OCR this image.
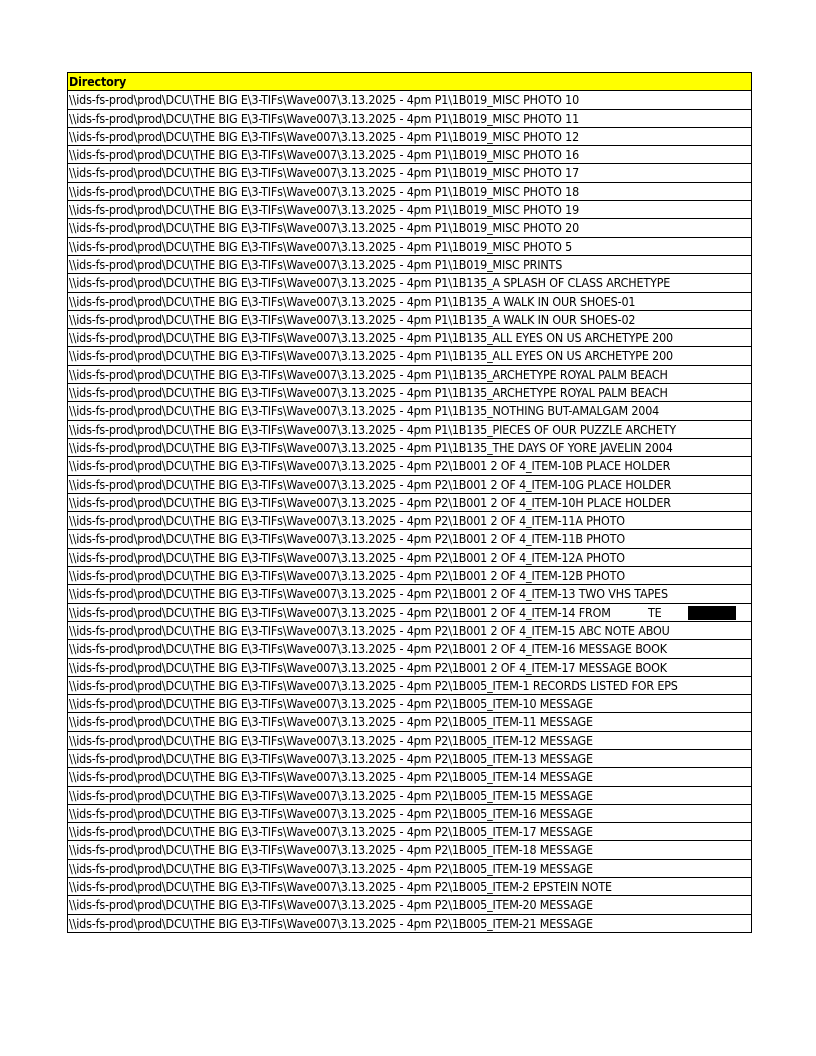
Directory
\\ids-fs-prod\prod\DCU\THE BIG E\3-TIFs\Wave007\3.13.2025 - 4pm P1\1B019_MISC PHOTO 10
\\ids-fs-prod\prod\DCU\THE BIG E\3-TIFs\Wave007\3.13.2025 - 4pm P1\1B019_MISC PHOTO 11
\\ids-fs-prod\prod\DCU\THE BIG E\3-TIFs\Wave007\3.13.2025 - 4pm P1\1B019_MISC PHOTO 12
\\ids-fs-prod\prod\DCU\THE BIG E\3-TIFs\Wave007\3.13.2025 - 4pm P1\1B019_MISC PHOTO 16
\\ids-fs-prod\prod\DCU\THE BIG E\3-TIFs\Wave007\3.13.2025 - 4pm P1\1B019_MISC PHOTO 17
\\ids-fs-prod\prod\DCU\THE BIG E\3-TIFs\Wave007\3.13.2025 - 4pm P1\1B019_MISC PHOTO 18
\\ids-fs-prod\prod\DCU\THE BIG E\3-TIFs\Wave007\3.13.2025 - 4pm P1\1B019_MISC PHOTO 19
\\ids-fs-prod\prod\DCU\THE BIG E\3-TIFs\Wave007\3.13.2025 - 4pm P1\1B019_MISC PHOTO 20
\\ids-fs-prod\prod\DCU\THE BIG E\3-TIFs\Wave007\3.13.2025 - 4pm P1\1B019_MISC PHOTO 5
\\ids-fs-prod\prod\DCU\THE BIG E\3-TIFs\Wave007\3.13.2025 - 4pm P1\1B019_MISC PRINTS
\\ids-fs-prod\prod\DCU\THE BIG E\3-TIFs\Wave007\3.13.2025 - 4pm P1\1B135_A SPLASH OF CLASS ARCHETYPE
\\ids-fs-prod\prod\DCU\THE BIG E\3-TIFs\Wave007\3.13.2025 - 4pm P1\1B135_A WALK IN OUR SHOES-01
\\ids-fs-prod\prod\DCU\THE BIG E\3-TIFs\Wave007\3.13.2025 - 4pm P1\1B135_A WALK IN OUR SHOES-02
\\ids-fs-prod\prod\DCU\THE BIG E\3-TIFs\Wave007\3.13.2025 - 4pm P1\1B135_ALL EYES ON US ARCHETYPE 200
\\ids-fs-prod\prod\DCU\THE BIG E\3-TIFs\Wave007\3.13.2025 - 4pm P1\1B135_ALL EYES ON US ARCHETYPE 200
\\ids-fs-prod\prod\DCU\THE BIG E\3-TIFs\Wave007\3.13.2025 - 4pm P1\1B135_ARCHETYPE ROYAL PALM BEACH
\\ids-fs-prod\prod\DCU\THE BIG E\3-TIFs\Wave007\3.13.2025 - 4pm P1\1B135_ARCHETYPE ROYAL PALM BEACH
\\ids-fs-prod\prod\DCU\THE BIG E\3-TIFs\Wave007\3.13.2025 - 4pm P1\1B135_NOTHING BUT-AMALGAM 2004
\\ids-fs-prod\prod\DCU\THE BIG E\3-TIFs\Wave007\3.13.2025 - 4pm P1\1B135_PIECES OF OUR PUZZLE ARCHETY
\\ids-fs-prod\prod\DCU\THE BIG E\3-TIFs\Wave007\3.13.2025 - 4pm P1\1B135_THE DAYS OF YORE JAVELIN 2004
\\ids-fs-prod\prod\DCU\THE BIG E\3-TIFs\Wave007\3.13.2025 - 4pm P2\1B001 2 OF 4_ITEM-10B PLACE HOLDER
\\ids-fs-prod\prod\DCU\THE BIG E\3-TIFs\Wave007\3.13.2025 - 4pm P2\1B001 2 OF 4_ITEM-10G PLACE HOLDER
\\ids-fs-prod\prod\DCU\THE BIG E\3-TIFs\Wave007\3.13.2025 - 4pm P2\1B001 2 OF 4_ITEM-10H PLACE HOLDER
\\ids-fs-prod\prod\DCU\THE BIG E\3-TIFs\Wave007\3.13.2025 - 4pm P2\1B001 2 OF 4_ITEM-11A PHOTO
\\ids-fs-prod\prod\DCU\THE BIG E\3-TIFs\Wave007\3.13.2025 - 4pm P2\1B001 2 OF 4_ITEM-11B PHOTO
\\ids-fs-prod\prod\DCU\THE BIG E\3-TIFs\Wave007\3.13.2025 - 4pm P2\1B001 2 OF 4_ITEM-12A PHOTO
\\ids-fs-prod\prod\DCU\THE BIG E\3-TIFs\Wave007\3.13.2025 - 4pm P2\1B001 2 OF 4_ITEM-12B PHOTO
\\ids-fs-prod\prod\DCU\THE BIG E\3-TIFs\Wave007\3.13.2025 - 4pm P2\1B001 2 OF 4_ITEM-13 TWO VHS TAPES
\\ids-fs-prod\prod\DCU\THE BIG E\3-TIFs\Wave007\3.13.2025 - 4pm P2\1B001 2 OF 4_ITEM-14 FROM           TE
\\ids-fs-prod\prod\DCU\THE BIG E\3-TIFs\Wave007\3.13.2025 - 4pm P2\1B001 2 OF 4_ITEM-15 ABC NOTE ABOU
\\ids-fs-prod\prod\DCU\THE BIG E\3-TIFs\Wave007\3.13.2025 - 4pm P2\1B001 2 OF 4_ITEM-16 MESSAGE BOOK
\\ids-fs-prod\prod\DCU\THE BIG E\3-TIFs\Wave007\3.13.2025 - 4pm P2\1B001 2 OF 4_ITEM-17 MESSAGE BOOK
\\ids-fs-prod\prod\DCU\THE BIG E\3-TIFs\Wave007\3.13.2025 - 4pm P2\1B005_ITEM-1 RECORDS LISTED FOR EPS
\\ids-fs-prod\prod\DCU\THE BIG E\3-TIFs\Wave007\3.13.2025 - 4pm P2\1B005_ITEM-10 MESSAGE
\\ids-fs-prod\prod\DCU\THE BIG E\3-TIFs\Wave007\3.13.2025 - 4pm P2\1B005_ITEM-11 MESSAGE
\\ids-fs-prod\prod\DCU\THE BIG E\3-TIFs\Wave007\3.13.2025 - 4pm P2\1B005_ITEM-12 MESSAGE
\\ids-fs-prod\prod\DCU\THE BIG E\3-TIFs\Wave007\3.13.2025 - 4pm P2\1B005_ITEM-13 MESSAGE
\\ids-fs-prod\prod\DCU\THE BIG E\3-TIFs\Wave007\3.13.2025 - 4pm P2\1B005_ITEM-14 MESSAGE
\\ids-fs-prod\prod\DCU\THE BIG E\3-TIFs\Wave007\3.13.2025 - 4pm P2\1B005_ITEM-15 MESSAGE
\\ids-fs-prod\prod\DCU\THE BIG E\3-TIFs\Wave007\3.13.2025 - 4pm P2\1B005_ITEM-16 MESSAGE
\\ids-fs-prod\prod\DCU\THE BIG E\3-TIFs\Wave007\3.13.2025 - 4pm P2\1B005_ITEM-17 MESSAGE
\\ids-fs-prod\prod\DCU\THE BIG E\3-TIFs\Wave007\3.13.2025 - 4pm P2\1B005_ITEM-18 MESSAGE
\\ids-fs-prod\prod\DCU\THE BIG E\3-TIFs\Wave007\3.13.2025 - 4pm P2\1B005_ITEM-19 MESSAGE
\\ids-fs-prod\prod\DCU\THE BIG E\3-TIFs\Wave007\3.13.2025 - 4pm P2\1B005_ITEM-2 EPSTEIN NOTE
\\ids-fs-prod\prod\DCU\THE BIG E\3-TIFs\Wave007\3.13.2025 - 4pm P2\1B005_ITEM-20 MESSAGE
\\ids-fs-prod\prod\DCU\THE BIG E\3-TIFs\Wave007\3.13.2025 - 4pm P2\1B005_ITEM-21 MESSAGE
